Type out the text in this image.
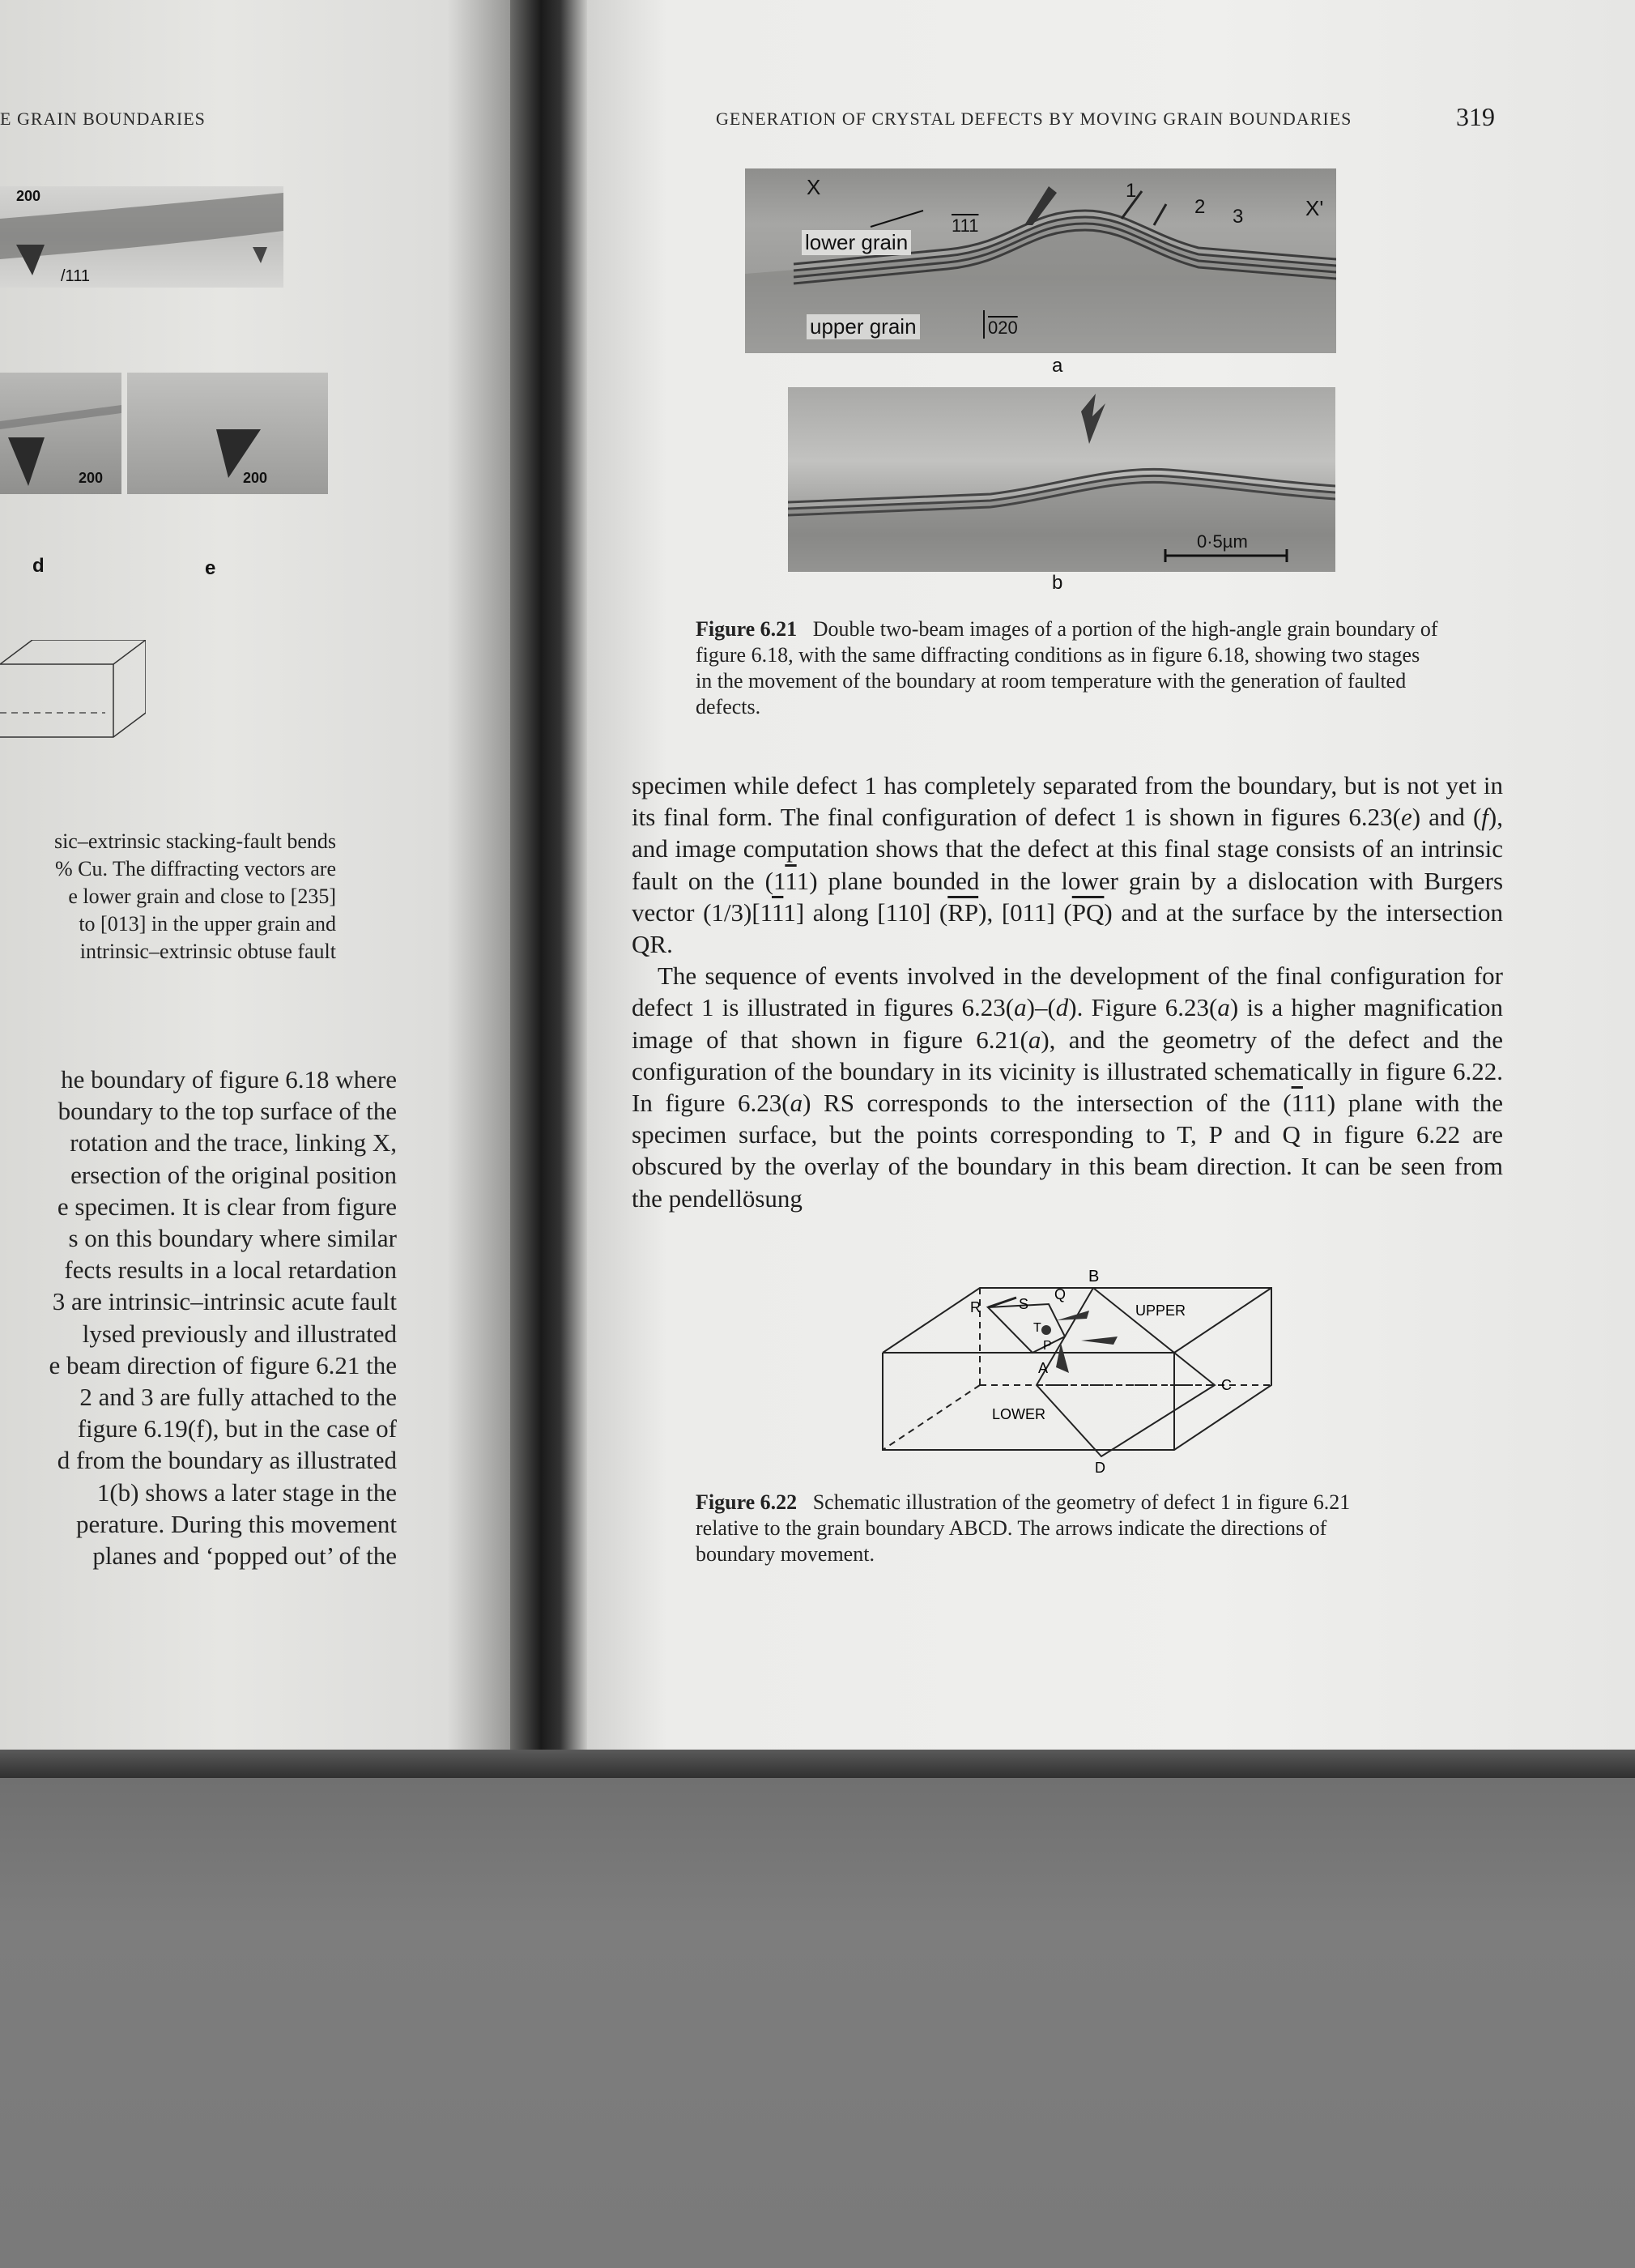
E GRAIN BOUNDARIES
200
/111
200	200
d	e
sic–extrinsic stacking-fault bends
% Cu. The diffracting vectors are
e lower grain and close to [235]
to [013] in the upper grain and
intrinsic–extrinsic obtuse fault
he boundary of figure 6.18 where
boundary to the top surface of the
rotation and the trace, linking X,
ersection of the original position
e specimen. It is clear from figure
s on this boundary where similar
fects results in a local retardation
3 are intrinsic–intrinsic acute fault
lysed previously and illustrated
e beam direction of figure 6.21 the
2 and 3 are fully attached to the
figure 6.19(f), but in the case of
d from the boundary as illustrated
1(b) shows a later stage in the
perature. During this movement
planes and ‘popped out’ of the
GENERATION OF CRYSTAL DEFECTS BY MOVING GRAIN BOUNDARIES	319
X
X'
lower grain
upper grain
111
020
1
2 3
a
0·5µm
b
Figure 6.21 Double two-beam images of a portion of the high-angle grain boundary of figure 6.18, with the same diffracting conditions as in figure 6.18, showing two stages in the movement of the boundary at room temperature with the generation of faulted defects.

specimen while defect 1 has completely separated from the boundary, but is not yet in its final form. The final configuration of defect 1 is shown in figures 6.23(e) and (f), and image computation shows that the defect at this final stage consists of an intrinsic fault on the (111) plane bounded in the lower grain by a dislocation with Burgers vector (1/3)[111] along [110] $(\overline{RP})$, [011] $(\overline{PQ})$ and at the surface by the intersection QR.

The sequence of events involved in the development of the final configuration for defect 1 is illustrated in figures 6.23(a)–(d). Figure 6.23(a) is a higher magnification image of that shown in figure 6.21(a), and the geometry of the defect and the configuration of the boundary in its vicinity is illustrated schematically in figure 6.22. In figure 6.23(a) RS corresponds to the intersection of the (111) plane with the specimen surface, but the points corresponding to T, P and Q in figure 6.22 are obscured by the overlay of the boundary in this beam direction. It can be seen from the pendellösung

B
R	S
Q
T
P
A
C
D
UPPER
LOWER
Figure 6.22 Schematic illustration of the geometry of defect 1 in figure 6.21 relative to the grain boundary ABCD. The arrows indicate the directions of boundary movement.
